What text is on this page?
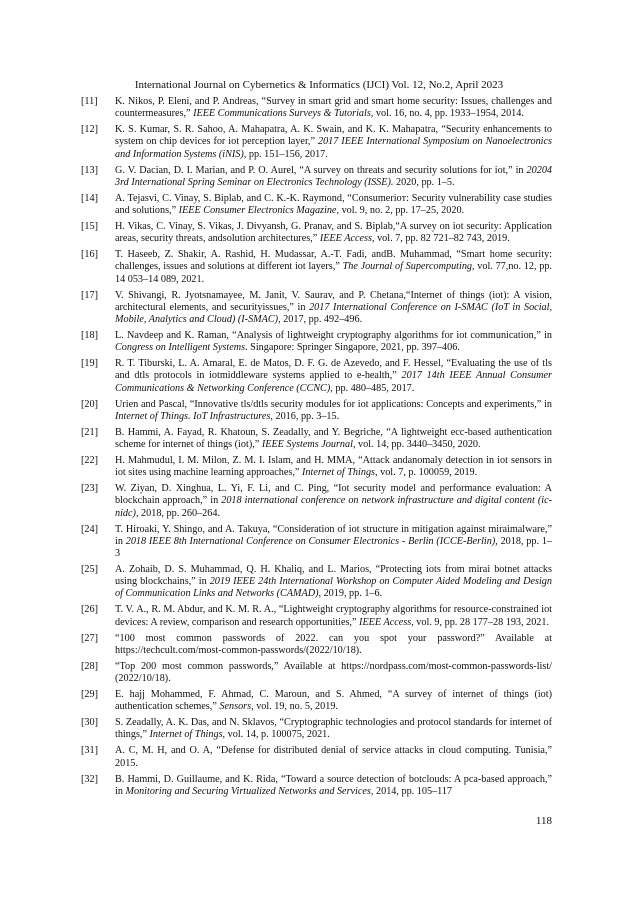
International Journal on Cybernetics & Informatics (IJCI) Vol. 12, No.2, April 2023
[11]	K. Nikos, P. Eleni, and P. Andreas, “Survey in smart grid and smart home security: Issues, challenges and countermeasures,” IEEE Communications Surveys & Tutorials, vol. 16, no. 4, pp. 1933–1954, 2014.
[12]	K. S. Kumar, S. R. Sahoo, A. Mahapatra, A. K. Swain, and K. K. Mahapatra, “Security enhancements to system on chip devices for iot perception layer,” 2017 IEEE International Symposium on Nanoelectronics and Information Systems (iNIS), pp. 151–156, 2017.
[13]	G. V. Dacian, D. I. Marian, and P. O. Aurel, “A survey on threats and security solutions for iot,” in 20204 3rd International Spring Seminar on Electronics Technology (ISSE). 2020, pp. 1–5.
[14]	A. Tejasvi, C. Vinay, S. Biplab, and C. K.-K. Raymond, “Consumerioт: Security vulnerability case studies and solutions,” IEEE Consumer Electronics Magazine, vol. 9, no. 2, pp. 17–25, 2020.
[15]	H. Vikas, C. Vinay, S. Vikas, J. Divyansh, G. Pranav, and S. Biplab,“A survey on iot security: Application areas, security threats, andsolution architectures,” IEEE Access, vol. 7, pp. 82 721–82 743, 2019.
[16]	T. Haseeb, Z. Shakir, A. Rashid, H. Mudassar, A.-T. Fadi, andB. Muhammad, “Smart home security: challenges, issues and solutions at different iot layers,” The Journal of Supercomputing, vol. 77,no. 12, pp. 14 053–14 089, 2021.
[17]	V. Shivangi, R. Jyotsnamayee, M. Janit, V. Saurav, and P. Chetana,“Internet of things (iot): A vision, architectural elements, and securityissues,” in 2017 International Conference on I-SMAC (IoT in Social, Mobile, Analytics and Cloud) (I-SMAC), 2017, pp. 492–496.
[18]	L. Navdeep and K. Raman, “Analysis of lightweight cryptography algorithms for iot communication,” in Congress on Intelligent Systems. Singapore: Springer Singapore, 2021, pp. 397–406.
[19]	R. T. Tiburski, L. A. Amaral, E. de Matos, D. F. G. de Azevedo, and F. Hessel, “Evaluating the use of tls and dtls protocols in iotmiddleware systems applied to e-health,” 2017 14th IEEE Annual Consumer Communications & Networking Conference (CCNC), pp. 480–485, 2017.
[20]	Urien and Pascal, “Innovative tls/dtls security modules for iot applications: Concepts and experiments,” in Internet of Things. IoT Infrastructures, 2016, pp. 3–15.
[21]	B. Hammi, A. Fayad, R. Khatoun, S. Zeadally, and Y. Begriche, “A lightweight ecc-based authentication scheme for internet of things (iot),” IEEE Systems Journal, vol. 14, pp. 3440–3450, 2020.
[22]	H. Mahmudul, I. M. Milon, Z. M. I. Islam, and H. MMA, “Attack andanomaly detection in iot sensors in iot sites using machine learning approaches,” Internet of Things, vol. 7, p. 100059, 2019.
[23]	W. Ziyan, D. Xinghua, L. Yi, F. Li, and C. Ping, “Iot security model and performance evaluation: A blockchain approach,” in 2018 international conference on network infrastructure and digital content (ic-nidc), 2018, pp. 260–264.
[24]	T. Hiroaki, Y. Shingo, and A. Takuya, “Consideration of iot structure in mitigation against miraimalware,” in 2018 IEEE 8th International Conference on Consumer Electronics - Berlin (ICCE-Berlin), 2018, pp. 1–3
[25]	A. Zohaib, D. S. Muhammad, Q. H. Khaliq, and L. Marios, “Protecting iots from mirai botnet attacks using blockchains,” in 2019 IEEE 24th International Workshop on Computer Aided Modeling and Design of Communication Links and Networks (CAMAD), 2019, pp. 1–6.
[26]	T. V. A., R. M. Abdur, and K. M. R. A., “Lightweight cryptography algorithms for resource-constrained iot devices: A review, comparison and research opportunities,” IEEE Access, vol. 9, pp. 28 177–28 193, 2021.
[27]	“100 most common passwords of 2022. can you spot your password?” Available at https://techcult.com/most-common-passwords/(2022/10/18).
[28]	“Top 200 most common passwords,” Available at https://nordpass.com/most-common-passwords-list/ (2022/10/18).
[29]	E. hajj Mohammed, F. Ahmad, C. Maroun, and S. Ahmed, “A survey of internet of things (iot) authentication schemes,” Sensors, vol. 19, no. 5, 2019.
[30]	S. Zeadally, A. K. Das, and N. Sklavos, “Cryptographic technologies and protocol standards for internet of things,” Internet of Things, vol. 14, p. 100075, 2021.
[31]	A. C, M. H, and O. A, “Defense for distributed denial of service attacks in cloud computing. Tunisia,” 2015.
[32]	B. Hammi, D. Guillaume, and K. Rida, “Toward a source detection of botclouds: A pca-based approach,” in Monitoring and Securing Virtualized Networks and Services, 2014, pp. 105–117
118
